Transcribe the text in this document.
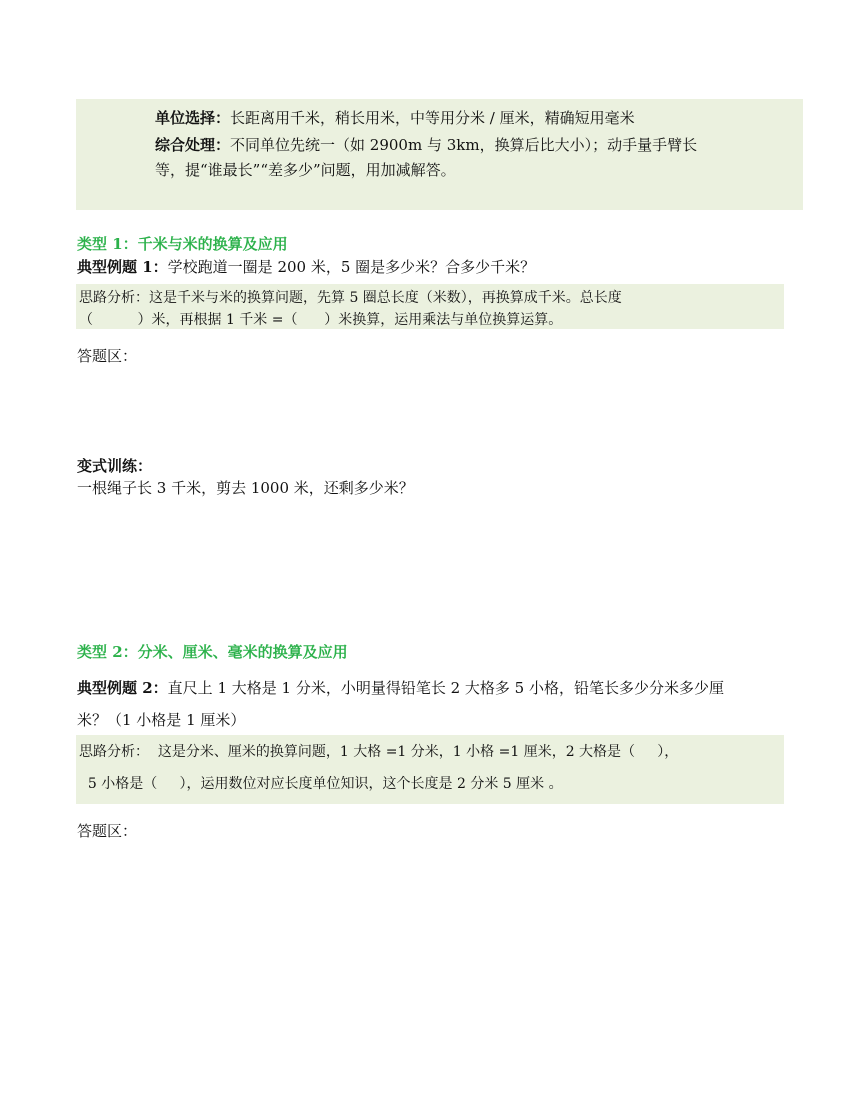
单位选择：长距离用千米，稍长用米，中等用分米 / 厘米，精确短用毫米
综合处理：不同单位先统一（如 2900m 与 3km，换算后比大小）；动手量手臂长
等，提“谁最长”“差多少”问题，用加减解答。
类型 1：千米与米的换算及应用
典型例题 1：学校跑道一圈是 200 米，5 圈是多少米？合多少千米？
思路分析：这是千米与米的换算问题，先算 5 圈总长度（米数），再换算成千米。总长度
（          ）米，再根据 1 千米 =（      ）米换算，运用乘法与单位换算运算。
答题区：
变式训练：
一根绳子长 3 千米，剪去 1000 米，还剩多少米？
类型 2：分米、厘米、毫米的换算及应用
典型例题 2：直尺上 1 大格是 1 分米，小明量得铅笔长 2 大格多 5 小格，铅笔长多少分米多少厘
米？（1 小格是 1 厘米）
思路分析：  这是分米、厘米的换算问题，1 大格 =1 分米，1 小格 =1 厘米，2 大格是（     ），
5 小格是（     ），运用数位对应长度单位知识，这个长度是 2 分米 5 厘米 。
答题区：
